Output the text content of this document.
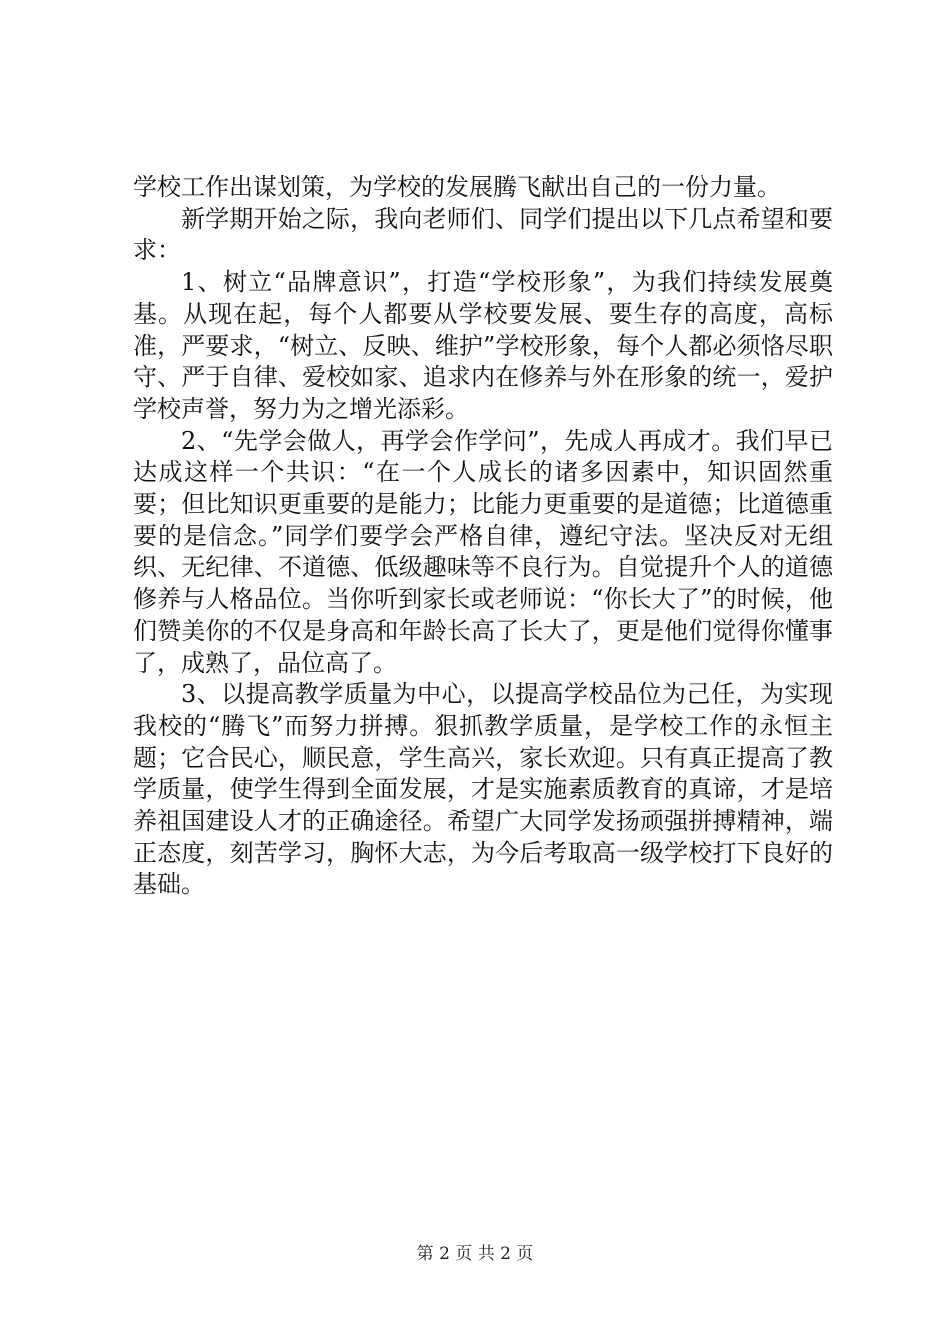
学校工作出谋划策，为学校的发展腾飞献出自己的一份力量。

新学期开始之际，我向老师们、同学们提出以下几点希望和要求：

1、树立“品牌意识”，打造“学校形象”，为我们持续发展奠基。从现在起，每个人都要从学校要发展、要生存的高度，高标准，严要求，“树立、反映、维护”学校形象，每个人都必须恪尽职守、严于自律、爱校如家、追求内在修养与外在形象的统一，爱护学校声誉，努力为之增光添彩。

2、“先学会做人，再学会作学问”，先成人再成才。我们早已达成这样一个共识：“在一个人成长的诸多因素中，知识固然重要；但比知识更重要的是能力；比能力更重要的是道德；比道德重要的是信念。”同学们要学会严格自律，遵纪守法。坚决反对无组织、无纪律、不道德、低级趣味等不良行为。自觉提升个人的道德修养与人格品位。当你听到家长或老师说：“你长大了”的时候，他们赞美你的不仅是身高和年龄长高了长大了，更是他们觉得你懂事了，成熟了，品位高了。

3、以提高教学质量为中心，以提高学校品位为己任，为实现我校的“腾飞”而努力拼搏。狠抓教学质量，是学校工作的永恒主题；它合民心，顺民意，学生高兴，家长欢迎。只有真正提高了教学质量，使学生得到全面发展，才是实施素质教育的真谛，才是培养祖国建设人才的正确途径。希望广大同学发扬顽强拼搏精神，端正态度，刻苦学习，胸怀大志，为今后考取高一级学校打下良好的基础。

第 2 页 共 2 页
